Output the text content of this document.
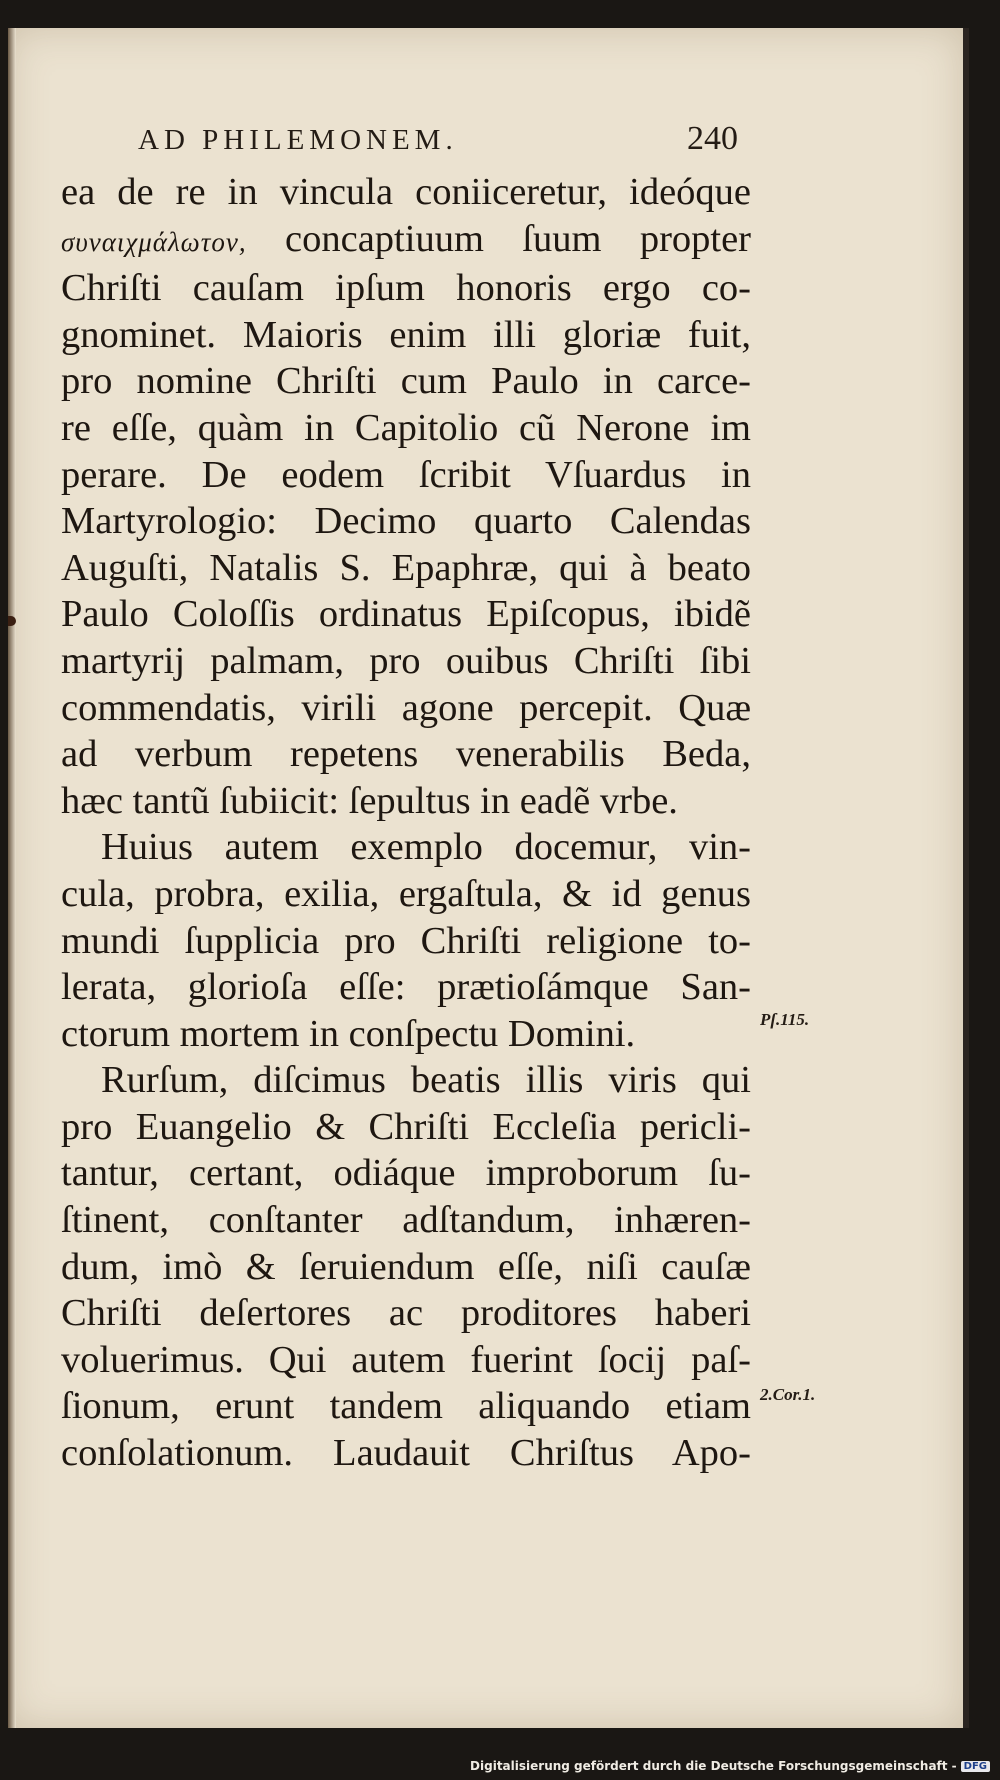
AD PHILEMONEM.	240
ea de re in vincula coniiceretur, ideóque
συναιχμάλωτον, concaptiuum ſuum propter
Chriſti cauſam ipſum honoris ergo co-
gnominet. Maioris enim illi gloriæ fuit,
pro nomine Chriſti cum Paulo in carce-
re eſſe, quàm in Capitolio cũ Nerone im
perare. De eodem ſcribit Vſuardus in
Martyrologio: Decimo quarto Calendas
Auguſti, Natalis S. Epaphræ, qui à beato
Paulo Coloſſis ordinatus Epiſcopus, ibidẽ
martyrij palmam, pro ouibus Chriſti ſibi
commendatis, virili agone percepit. Quæ
ad verbum repetens venerabilis Beda,
hæc tantũ ſubiicit: ſepultus in eadẽ vrbe.
Huius autem exemplo docemur, vin-
cula, probra, exilia, ergaſtula, & id genus
mundi ſupplicia pro Chriſti religione to-
lerata, glorioſa eſſe: prætioſámque San-
ctorum mortem in conſpectu Domini.
Rurſum, diſcimus beatis illis viris qui
pro Euangelio & Chriſti Eccleſia pericli-
tantur, certant, odiáque improborum ſu-
ſtinent, conſtanter adſtandum, inhæren-
dum, imò & ſeruiendum eſſe, niſi cauſæ
Chriſti deſertores ac proditores haberi
voluerimus. Qui autem fuerint ſocij paſ-
ſionum, erunt tandem aliquando etiam
conſolationum. Laudauit Chriſtus Apo-
Pſ.115.
2.Cor.1.
Digitalisierung gefördert durch die Deutsche Forschungsgemeinschaft - DFG
